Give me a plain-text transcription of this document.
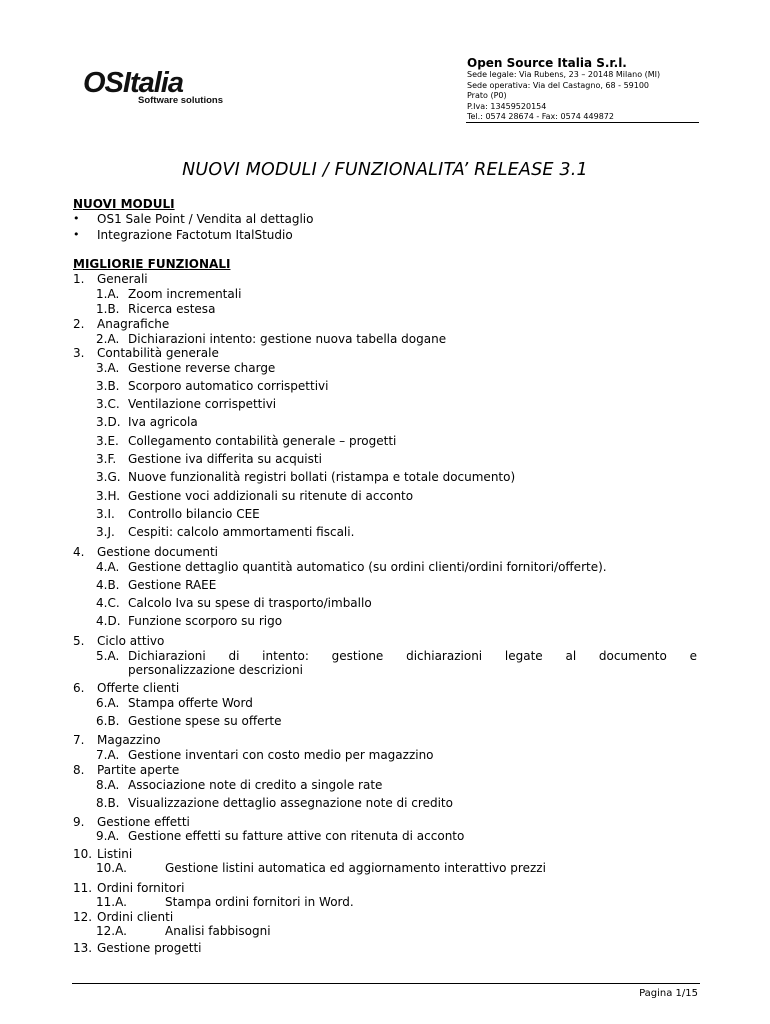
OSItalia
Software solutions
Open Source Italia S.r.l.
Sede legale: Via Rubens, 23 – 20148 Milano (MI)
Sede operativa: Via del Castagno, 68 - 59100
Prato (P0)
P.Iva: 13459520154
Tel.: 0574 28674 - Fax: 0574 449872
NUOVI MODULI / FUNZIONALITA’ RELEASE 3.1
NUOVI MODULI
• OS1 Sale Point / Vendita al dettaglio
• Integrazione Factotum ItalStudio
MIGLIORIE FUNZIONALI
1. Generali
1.A. Zoom incrementali
1.B. Ricerca estesa
2. Anagrafiche
2.A. Dichiarazioni intento: gestione nuova tabella dogane
3. Contabilità generale
3.A. Gestione reverse charge
3.B. Scorporo automatico corrispettivi
3.C. Ventilazione corrispettivi
3.D. Iva agricola
3.E. Collegamento contabilità generale – progetti
3.F. Gestione iva differita su acquisti
3.G. Nuove funzionalità registri bollati (ristampa e totale documento)
3.H. Gestione voci addizionali su ritenute di acconto
3.I. Controllo bilancio CEE
3.J. Cespiti: calcolo ammortamenti fiscali.
4. Gestione documenti
4.A. Gestione dettaglio quantità automatico (su ordini clienti/ordini fornitori/offerte).
4.B. Gestione RAEE
4.C. Calcolo Iva su spese di trasporto/imballo
4.D. Funzione scorporo su rigo
5. Ciclo attivo
5.A. Dichiarazioni di intento: gestione dichiarazioni legate al documento e
personalizzazione descrizioni
6. Offerte clienti
6.A. Stampa offerte Word
6.B. Gestione spese su offerte
7. Magazzino
7.A. Gestione inventari con costo medio per magazzino
8. Partite aperte
8.A. Associazione note di credito a singole rate
8.B. Visualizzazione dettaglio assegnazione note di credito
9. Gestione effetti
9.A. Gestione effetti su fatture attive con ritenuta di acconto
10. Listini
10.A.	Gestione listini automatica ed aggiornamento interattivo prezzi
11. Ordini fornitori
11.A.	Stampa ordini fornitori in Word.
12. Ordini clienti
12.A.	Analisi fabbisogni
13. Gestione progetti
Pagina 1/15
